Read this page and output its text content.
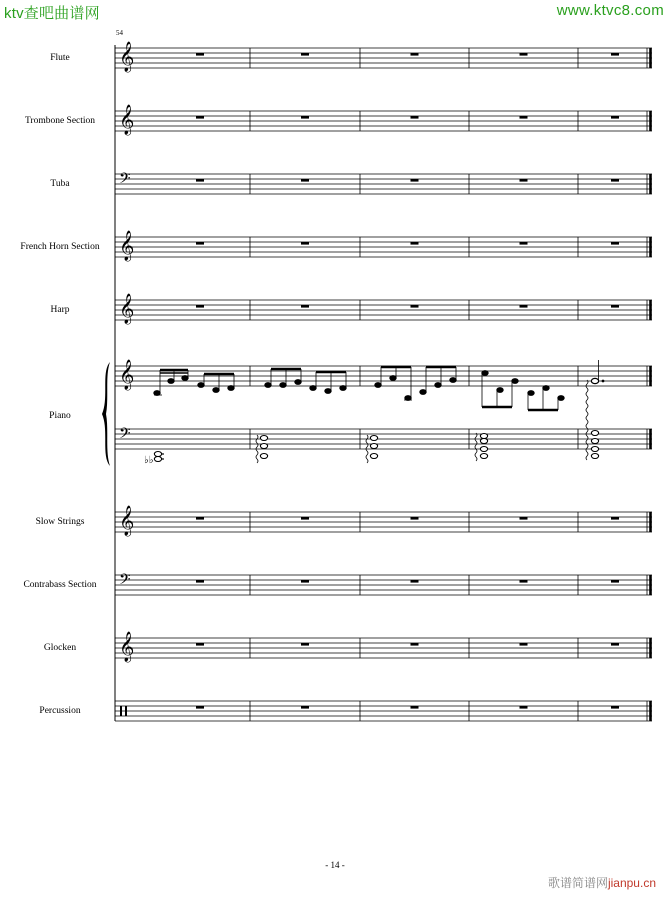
ktv查吧曲谱网	www.ktvc8.com
54
Flute
Trombone Section
Tuba
French Horn Section
Harp
Piano
Slow Strings
Contrabass Section
Glocken
Percussion
𝄞
𝄞
𝄢
𝄞
𝄞
𝄞
𝄢
𝄞
𝄢
𝄞
♭♭
- 14 -
歌谱简谱网jianpu.cn
